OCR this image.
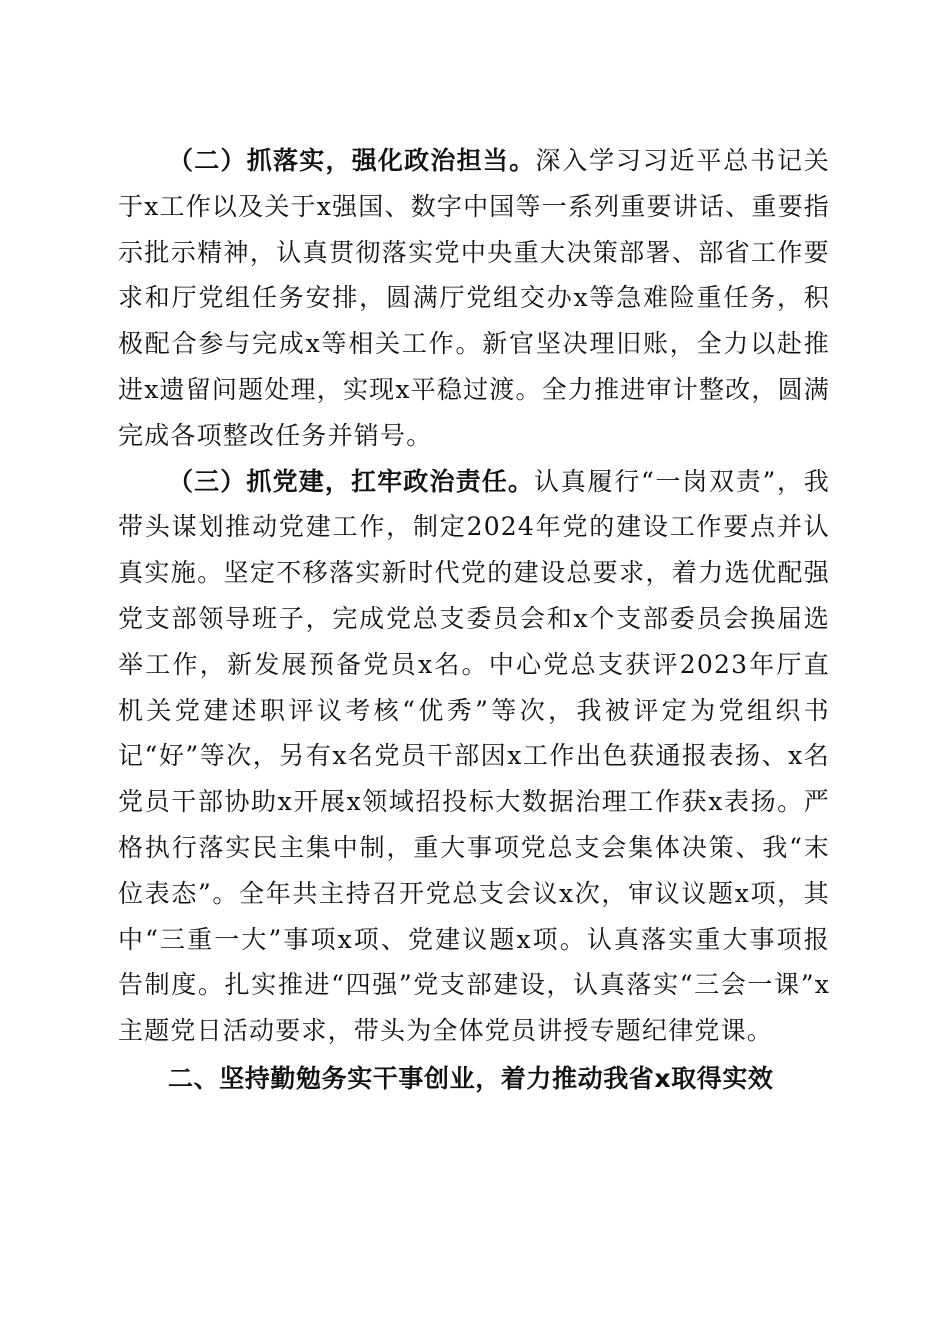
（二）抓落实，强化政治担当。深入学习习近平总书记关于x工作以及关于x强国、数字中国等一系列重要讲话、重要指示批示精神，认真贯彻落实党中央重大决策部署、部省工作要求和厅党组任务安排，圆满厅党组交办x等急难险重任务，积极配合参与完成x等相关工作。新官坚决理旧账，全力以赴推进x遗留问题处理，实现x平稳过渡。全力推进审计整改，圆满完成各项整改任务并销号。

（三）抓党建，扛牢政治责任。认真履行“一岗双责”，我带头谋划推动党建工作，制定2024年党的建设工作要点并认真实施。坚定不移落实新时代党的建设总要求，着力选优配强党支部领导班子，完成党总支委员会和x个支部委员会换届选举工作，新发展预备党员x名。中心党总支获评2023年厅直机关党建述职评议考核“优秀”等次，我被评定为党组织书记“好”等次，另有x名党员干部因x工作出色获通报表扬、x名党员干部协助x开展x领域招投标大数据治理工作获x表扬。严格执行落实民主集中制，重大事项党总支会集体决策、我“末位表态”。全年共主持召开党总支会议x次，审议议题x项，其中“三重一大”事项x项、党建议题x项。认真落实重大事项报告制度。扎实推进“四强”党支部建设，认真落实“三会一课”x主题党日活动要求，带头为全体党员讲授专题纪律党课。

二、坚持勤勉务实干事创业，着力推动我省x取得实效
